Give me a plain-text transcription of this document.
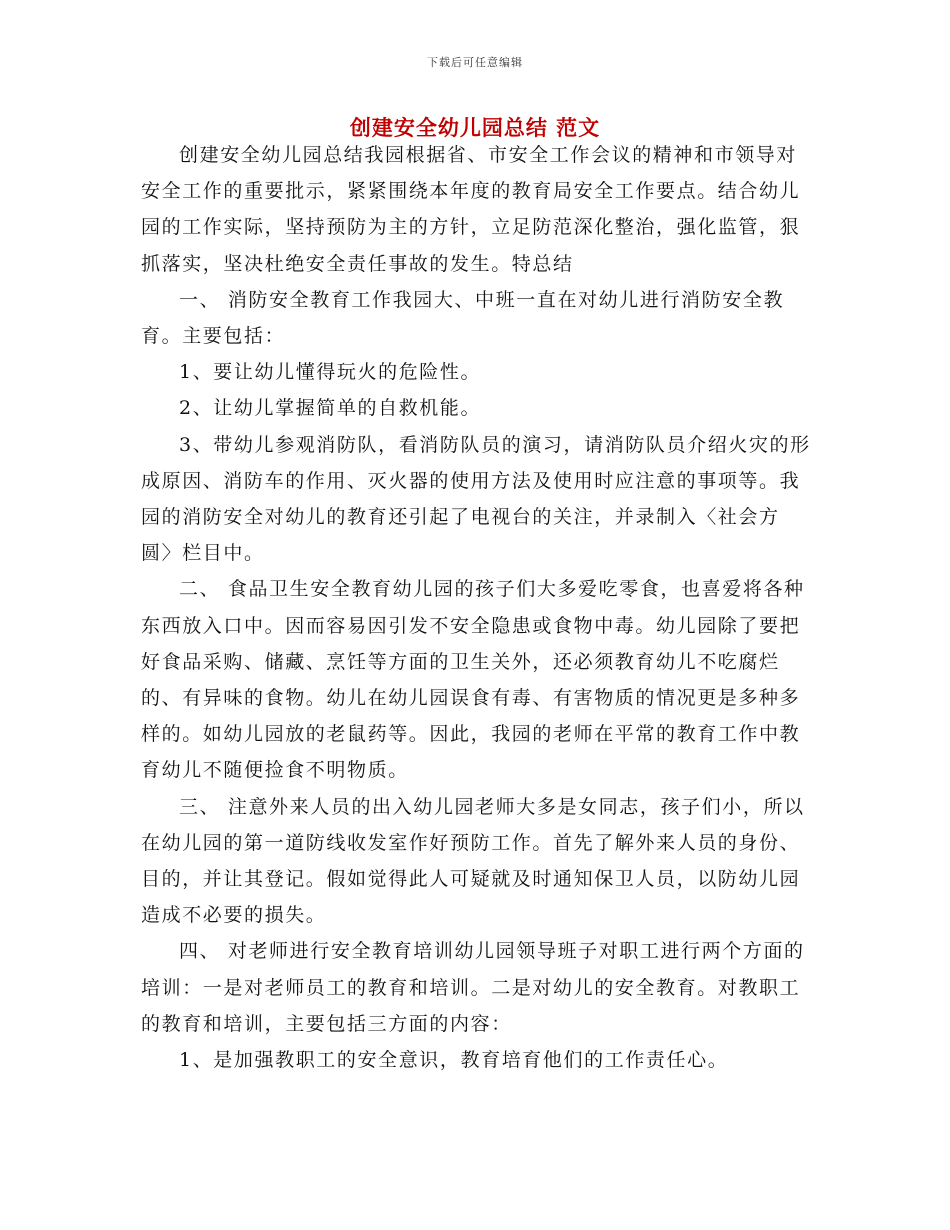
下载后可任意编辑
创建安全幼儿园总结 范文

创建安全幼儿园总结我园根据省、市安全工作会议的精神和市领导对安全工作的重要批示，紧紧围绕本年度的教育局安全工作要点。结合幼儿园的工作实际，坚持预防为主的方针，立足防范深化整治，强化监管，狠抓落实，坚决杜绝安全责任事故的发生。特总结

一、 消防安全教育工作我园大、中班一直在对幼儿进行消防安全教育。主要包括：

1、要让幼儿懂得玩火的危险性。

2、让幼儿掌握简单的自救机能。

3、带幼儿参观消防队，看消防队员的演习，请消防队员介绍火灾的形成原因、消防车的作用、灭火器的使用方法及使用时应注意的事项等。我园的消防安全对幼儿的教育还引起了电视台的关注，并录制入〈社会方圆〉栏目中。

二、 食品卫生安全教育幼儿园的孩子们大多爱吃零食，也喜爱将各种东西放入口中。因而容易因引发不安全隐患或食物中毒。幼儿园除了要把好食品采购、储藏、烹饪等方面的卫生关外，还必须教育幼儿不吃腐烂的、有异味的食物。幼儿在幼儿园误食有毒、有害物质的情况更是多种多样的。如幼儿园放的老鼠药等。因此，我园的老师在平常的教育工作中教育幼儿不随便捡食不明物质。

三、 注意外来人员的出入幼儿园老师大多是女同志，孩子们小，所以在幼儿园的第一道防线收发室作好预防工作。首先了解外来人员的身份、目的，并让其登记。假如觉得此人可疑就及时通知保卫人员，以防幼儿园造成不必要的损失。

四、 对老师进行安全教育培训幼儿园领导班子对职工进行两个方面的培训：一是对老师员工的教育和培训。二是对幼儿的安全教育。对教职工的教育和培训，主要包括三方面的内容：

1、是加强教职工的安全意识，教育培育他们的工作责任心。
